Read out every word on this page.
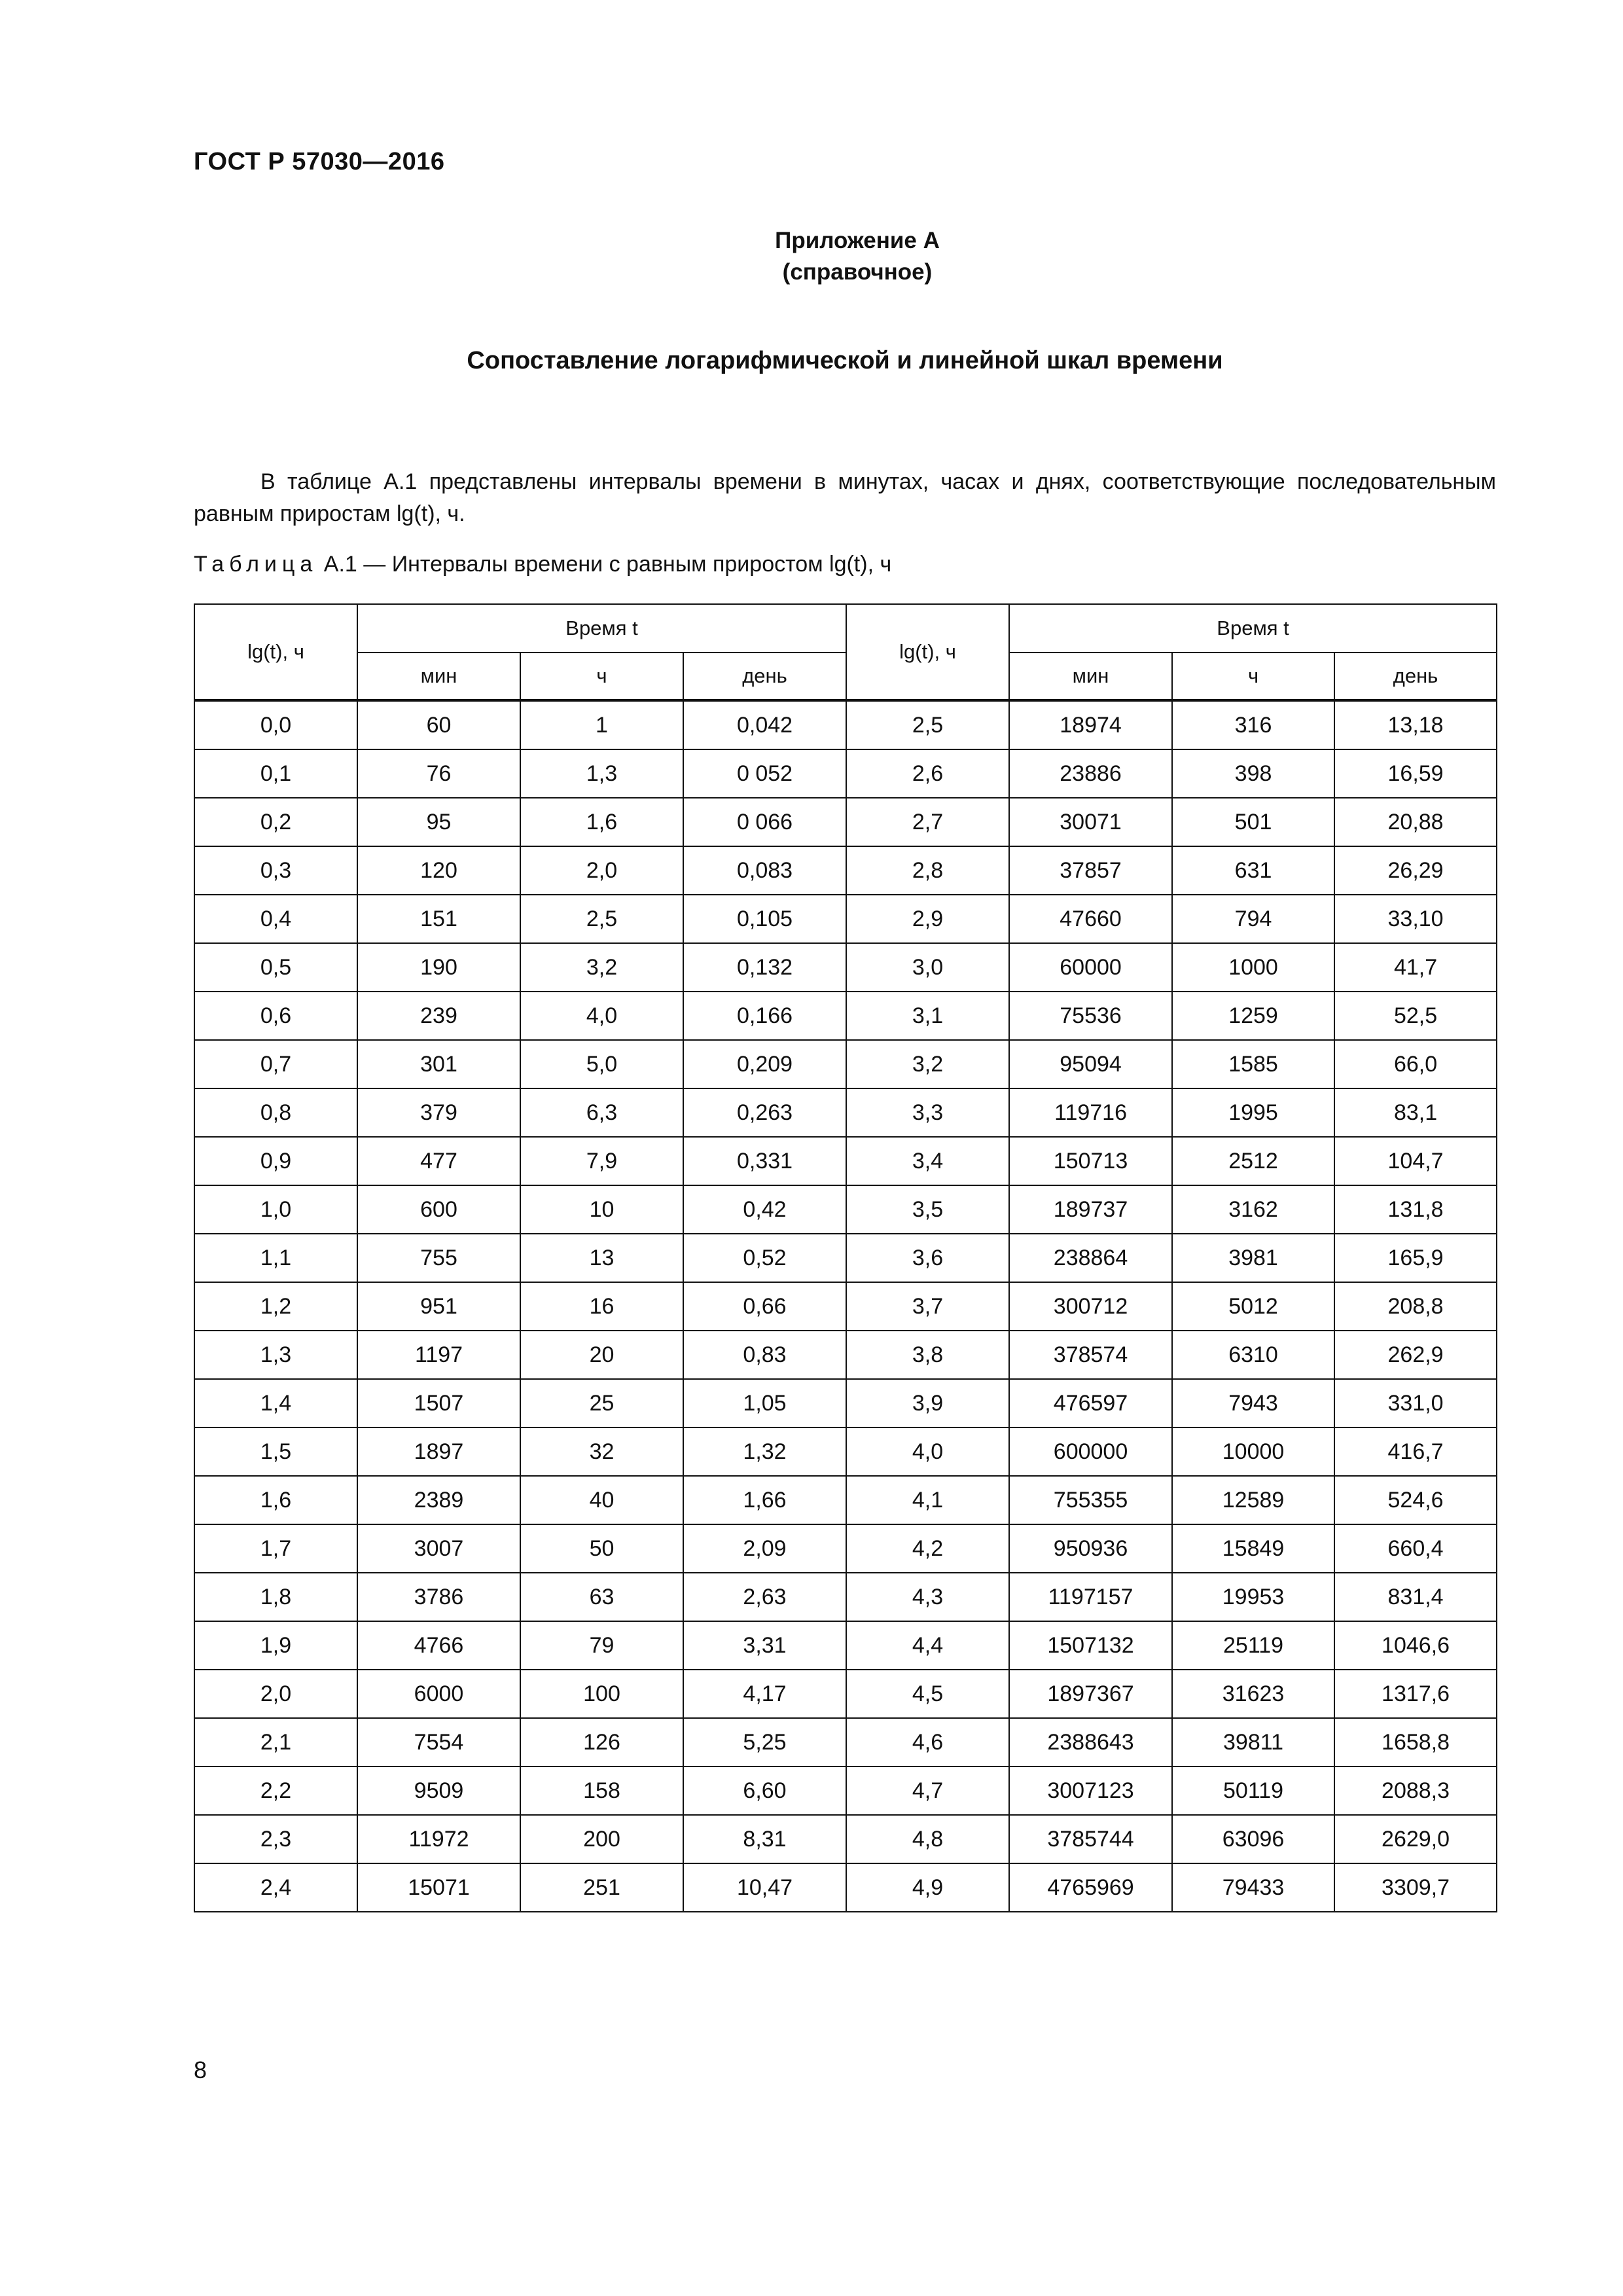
ГОСТ Р 57030—2016
Приложение А
(справочное)
Сопоставление логарифмической и линейной шкал времени
В таблице А.1 представлены интервалы времени в минутах, часах и днях, соответствующие последовательным равным приростам lg(t), ч.
Таблица А.1 — Интервалы времени с равным приростом lg(t), ч
lg(t), ч	Время t			lg(t), ч	Время t		
	мин	ч	день		мин	ч	день
0,0	60	1	0,042	2,5	18974	316	13,18
0,1	76	1,3	0 052	2,6	23886	398	16,59
0,2	95	1,6	0 066	2,7	30071	501	20,88
0,3	120	2,0	0,083	2,8	37857	631	26,29
0,4	151	2,5	0,105	2,9	47660	794	33,10
0,5	190	3,2	0,132	3,0	60000	1000	41,7
0,6	239	4,0	0,166	3,1	75536	1259	52,5
0,7	301	5,0	0,209	3,2	95094	1585	66,0
0,8	379	6,3	0,263	3,3	119716	1995	83,1
0,9	477	7,9	0,331	3,4	150713	2512	104,7
1,0	600	10	0,42	3,5	189737	3162	131,8
1,1	755	13	0,52	3,6	238864	3981	165,9
1,2	951	16	0,66	3,7	300712	5012	208,8
1,3	1197	20	0,83	3,8	378574	6310	262,9
1,4	1507	25	1,05	3,9	476597	7943	331,0
1,5	1897	32	1,32	4,0	600000	10000	416,7
1,6	2389	40	1,66	4,1	755355	12589	524,6
1,7	3007	50	2,09	4,2	950936	15849	660,4
1,8	3786	63	2,63	4,3	1197157	19953	831,4
1,9	4766	79	3,31	4,4	1507132	25119	1046,6
2,0	6000	100	4,17	4,5	1897367	31623	1317,6
2,1	7554	126	5,25	4,6	2388643	39811	1658,8
2,2	9509	158	6,60	4,7	3007123	50119	2088,3
2,3	11972	200	8,31	4,8	3785744	63096	2629,0
2,4	15071	251	10,47	4,9	4765969	79433	3309,7
8
